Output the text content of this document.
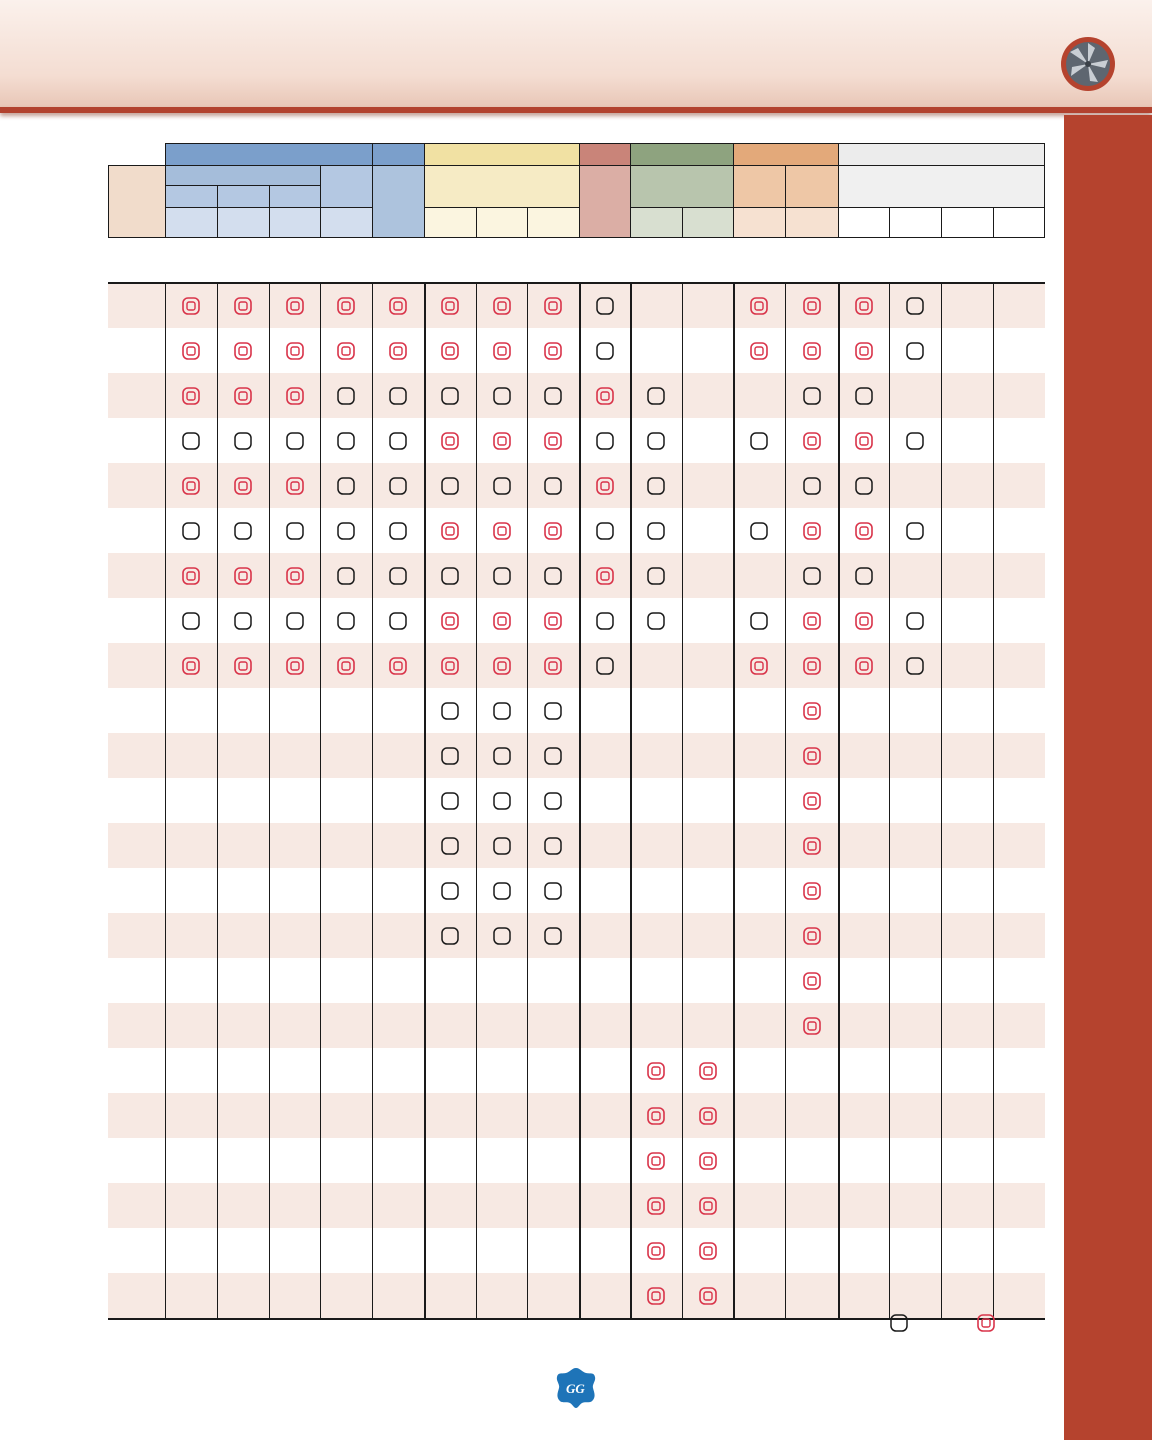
GG
